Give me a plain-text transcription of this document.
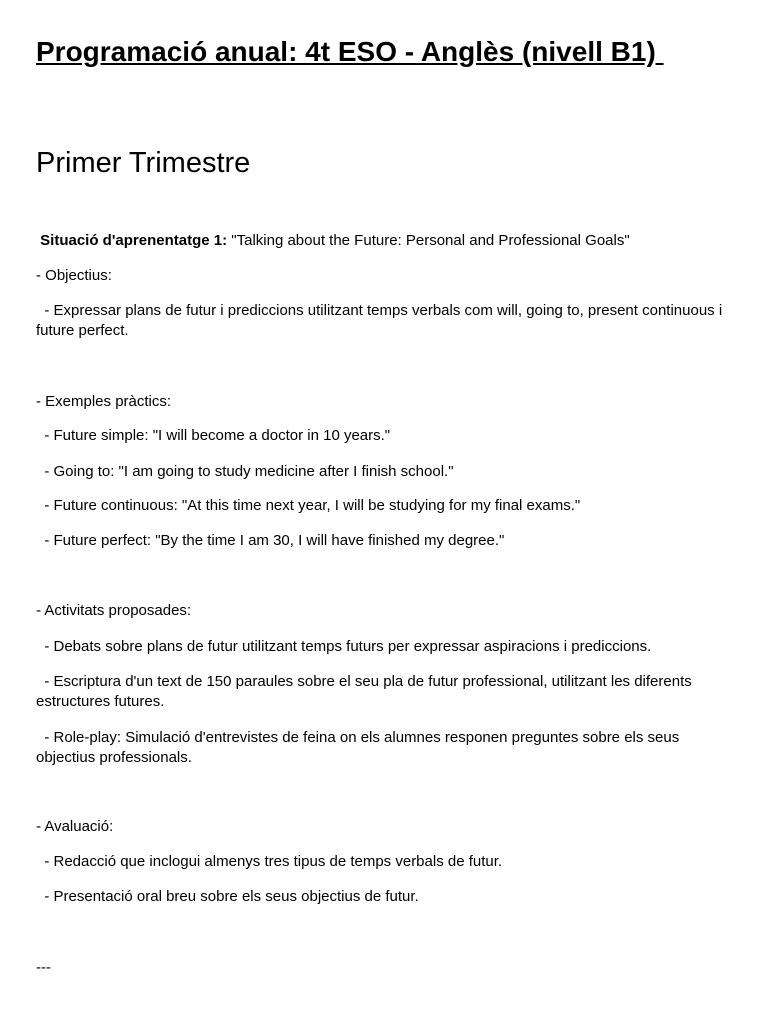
Programació anual: 4t ESO - Anglès (nivell B1)
Primer Trimestre

Situació d'aprenentatge 1: "Talking about the Future: Personal and Professional Goals"

- Objectius:

- Expressar plans de futur i prediccions utilitzant temps verbals com will, going to, present continuous i future perfect.

- Exemples pràctics:

- Future simple: "I will become a doctor in 10 years."

- Going to: "I am going to study medicine after I finish school."

- Future continuous: "At this time next year, I will be studying for my final exams."

- Future perfect: "By the time I am 30, I will have finished my degree."

- Activitats proposades:

- Debats sobre plans de futur utilitzant temps futurs per expressar aspiracions i prediccions.

- Escriptura d'un text de 150 paraules sobre el seu pla de futur professional, utilitzant les diferents estructures futures.

- Role-play: Simulació d'entrevistes de feina on els alumnes responen preguntes sobre els seus objectius professionals.

- Avaluació:

- Redacció que inclogui almenys tres tipus de temps verbals de futur.

- Presentació oral breu sobre els seus objectius de futur.

---
